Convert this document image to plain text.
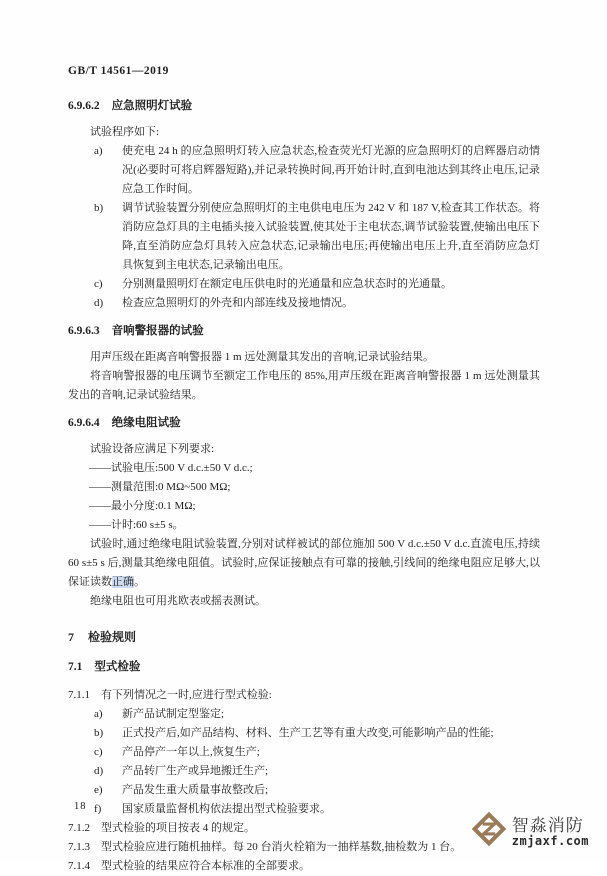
GB/T 14561—2019
6.9.6.2 应急照明灯试验

试验程序如下:

a)	使充电 24 h 的应急照明灯转入应急状态,检查荧光灯光源的应急照明灯的启辉器启动情况(必要时可将启辉器短路),并记录转换时间,再开始计时,直到电池达到其终止电压,记录应急工作时间。
b)	调节试验装置分别使应急照明灯的主电供电电压为 242 V 和 187 V,检查其工作状态。将消防应急灯具的主电插头接入试验装置,使其处于主电状态,调节试验装置,使输出电压下降,直至消防应急灯具转入应急状态,记录输出电压;再使输出电压上升,直至消防应急灯具恢复到主电状态,记录输出电压。
c)	分别测量照明灯在额定电压供电时的光通量和应急状态时的光通量。
d)	检查应急照明灯的外壳和内部连线及接地情况。
6.9.6.3 音响警报器的试验

用声压级在距离音响警报器 1 m 远处测量其发出的音响,记录试验结果。

将音响警报器的电压调节至额定工作电压的 85%,用声压级在距离音响警报器 1 m 远处测量其发出的音响,记录试验结果。

6.9.6.4 绝缘电阻试验

试验设备应满足下列要求:

——试验电压:500 V d.c.±50 V d.c.;

——测量范围:0 MΩ~500 MΩ;

——最小分度:0.1 MΩ;

——计时:60 s±5 s。

试验时,通过绝缘电阻试验装置,分别对试样被试的部位施加 500 V d.c.±50 V d.c.直流电压,持续 60 s±5 s 后,测量其绝缘电阻值。试验时,应保证接触点有可靠的接触,引线间的绝缘电阻应足够大,以保证读数正确。

绝缘电阻也可用兆欧表或摇表测试。

7 检验规则
7.1 型式检验

7.1.1 有下列情况之一时,应进行型式检验:

a)	新产品试制定型鉴定;
b)	正式投产后,如产品结构、材料、生产工艺等有重大改变,可能影响产品的性能;
c)	产品停产一年以上,恢复生产;
d)	产品转厂生产或异地搬迁生产;
e)	产品发生重大质量事故整改后;
f)	国家质量监督机构依法提出型式检验要求。

7.1.2 型式检验的项目按表 4 的规定。

7.1.3 型式检验应进行随机抽样。每 20 台消火栓箱为一抽样基数,抽检数为 1 台。

7.1.4 型式检验的结果应符合本标准的全部要求。

18
智淼消防
zmjaxf.com
